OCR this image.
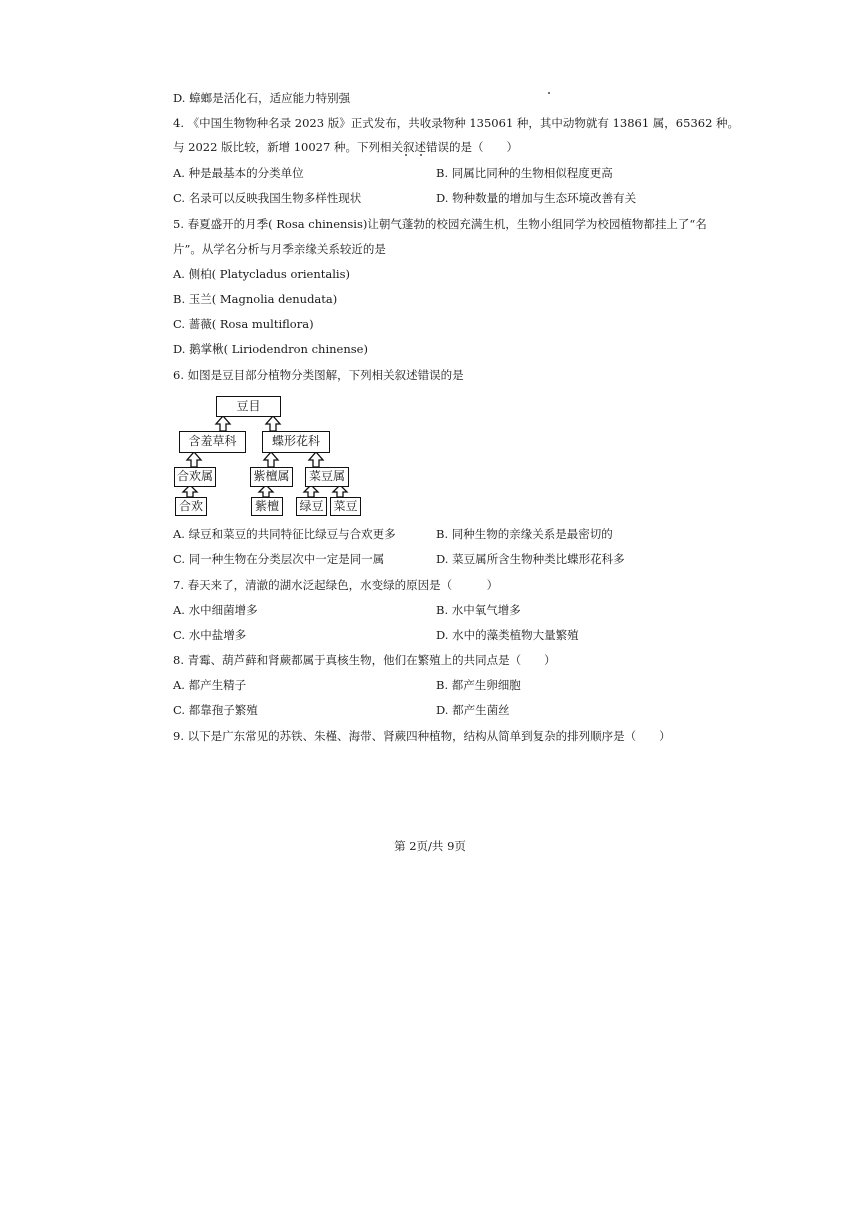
D. 蟑螂是活化石，适应能力特别强
4. 《中国生物物种名录 2023 版》正式发布，共收录物种 135061 种，其中动物就有 13861 属，65362 种。
与 2022 版比较，新增 10027 种。下列相关叙述错误的是（　　）
A. 种是最基本的分类单位	B. 同属比同种的生物相似程度更高
C. 名录可以反映我国生物多样性现状	D. 物种数量的增加与生态环境改善有关
5. 春夏盛开的月季( Rosa chinensis)让朝气蓬勃的校园充满生机，生物小组同学为校园植物都挂上了“名
片”。从学名分析与月季亲缘关系较近的是
A. 侧柏( Platycladus orientalis)
B. 玉兰( Magnolia denudata)
C. 蔷薇( Rosa multiflora)
D. 鹅掌楸( Liriodendron chinense)
6. 如图是豆目部分植物分类图解，下列相关叙述错误的是
豆目
含羞草科	蝶形花科
合欢属	紫檀属	菜豆属
合欢	紫檀	绿豆 菜豆
A. 绿豆和菜豆的共同特征比绿豆与合欢更多	B. 同种生物的亲缘关系是最密切的
C. 同一种生物在分类层次中一定是同一属	D. 菜豆属所含生物种类比蝶形花科多
7. 春天来了，清澈的湖水泛起绿色，水变绿的原因是（　　　）
A. 水中细菌增多	B. 水中氧气增多
C. 水中盐增多	D. 水中的藻类植物大量繁殖
8. 青霉、葫芦藓和肾蕨都属于真核生物，他们在繁殖上的共同点是（　　）
A. 都产生精子	B. 都产生卵细胞
C. 都靠孢子繁殖	D. 都产生菌丝
9. 以下是广东常见的苏铁、朱槿、海带、肾蕨四种植物，结构从简单到复杂的排列顺序是（　　）
第 2页/共 9页
